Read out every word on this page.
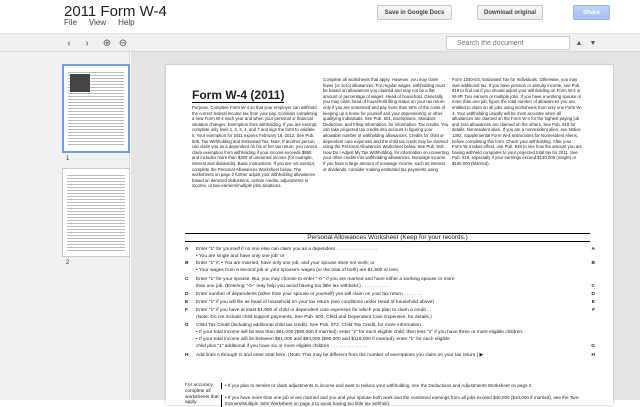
2011 Form W-4
File View Help
Save in Google Docs	Download original	Share
‹	›	⊕ ⊖
Search the document	▲	▼
1
2
Form W-4 (2011)
Purpose. Complete Form W-4 so that your employer can withhold the correct federal income tax from your pay. Consider completing a new Form W-4 each year and when your personal or financial situation changes. Exemption from withholding. If you are exempt, complete only lines 1, 2, 3, 4, and 7 and sign the form to validate it. Your exemption for 2011 expires February 16, 2012. See Pub. 505, Tax Withholding and Estimated Tax. Note. If another person can claim you as a dependent on his or her tax return, you cannot claim exemption from withholding if your income exceeds $950 and includes more than $300 of unearned income (for example, interest and dividends). Basic instructions. If you are not exempt, complete the Personal Allowances Worksheet below. The worksheets on page 2 further adjust your withholding allowances based on itemized deductions, certain credits, adjustments to income, or two-earners/multiple jobs situations.
Complete all worksheets that apply. However, you may claim fewer (or zero) allowances. For regular wages, withholding must be based on allowances you claimed and may not be a flat amount or percentage of wages. Head of household. Generally, you may claim head of household filing status on your tax return only if you are unmarried and pay more than 50% of the costs of keeping up a home for yourself and your dependent(s) or other qualifying individuals. See Pub. 501, Exemptions, Standard Deduction, and Filing Information, for information. Tax credits. You can take projected tax credits into account in figuring your allowable number of withholding allowances. Credits for child or dependent care expenses and the child tax credit may be claimed using the Personal Allowances Worksheet below. See Pub. 919, How Do I Adjust My Tax Withholding, for information on converting your other credits into withholding allowances. Nonwage income. If you have a large amount of nonwage income, such as interest or dividends, consider making estimated tax payments using
Form 1040-ES, Estimated Tax for Individuals. Otherwise, you may owe additional tax. If you have pension or annuity income, see Pub. 919 to find out if you should adjust your withholding on Form W-4 or W-4P. Two earners or multiple jobs. If you have a working spouse or more than one job, figure the total number of allowances you are entitled to claim on all jobs using worksheets from only one Form W-4. Your withholding usually will be most accurate when all allowances are claimed on the Form W-4 for the highest paying job and zero allowances are claimed on the others. See Pub. 919 for details. Nonresident alien. If you are a nonresident alien, see Notice 1392, Supplemental Form W-4 Instructions for Nonresident Aliens, before completing this form. Check your withholding. After your Form W-4 takes effect, use Pub. 919 to see how the amount you are having withheld compares to your projected total tax for 2011. See Pub. 919, especially if your earnings exceed $130,000 (Single) or $180,000 (Married).
Personal Allowances Worksheet (Keep for your records.)
A Enter "1" for yourself if no one else can claim you as a dependent . . . . . . . . . . . . . . . .	A
• You are single and have only one job; or
B Enter "1" if: • You are married, have only one job, and your spouse does not work; or	B
• Your wages from a second job or your spouse's wages (or the total of both) are $1,500 or less.
C Enter "1" for your spouse. But, you may choose to enter "-0-" if you are married and have either a working spouse or more
than one job. (Entering "-0-" may help you avoid having too little tax withheld.) . . . . . . . . . .	C
D Enter number of dependents (other than your spouse or yourself) you will claim on your tax return . . . . . . .	D
E Enter "1" if you will file as head of household on your tax return (see conditions under Head of household above) .	E
F Enter "1" if you have at least $1,900 of child or dependent care expenses for which you plan to claim a credit . .	F
(Note. Do not include child support payments. See Pub. 503, Child and Dependent Care Expenses, for details.)
G Child Tax Credit (including additional child tax credit). See Pub. 972, Child Tax Credit, for more information.
• If your total income will be less than $61,000 ($90,000 if married), enter "2" for each eligible child; then less "1" if you have three or more eligible children.
• If your total income will be between $61,000 and $84,000 ($90,000 and $119,000 if married), enter "1" for each eligible
child plus "1" additional if you have six or more eligible children . . . . . . . . . . . . . .	G
H Add lines A through G and enter total here. (Note. This may be different from the number of exemptions you claim on your tax return.) ▶	H
For accuracy, complete all worksheets that apply.
• If you plan to itemize or claim adjustments to income and want to reduce your withholding, see the Deductions and Adjustments Worksheet on page 2.
• If you have more than one job or are married and you and your spouse both work and the combined earnings from all jobs exceed $40,000 ($10,000 if married), see the Two-Earners/Multiple Jobs Worksheet on page 2 to avoid having too little tax withheld.
